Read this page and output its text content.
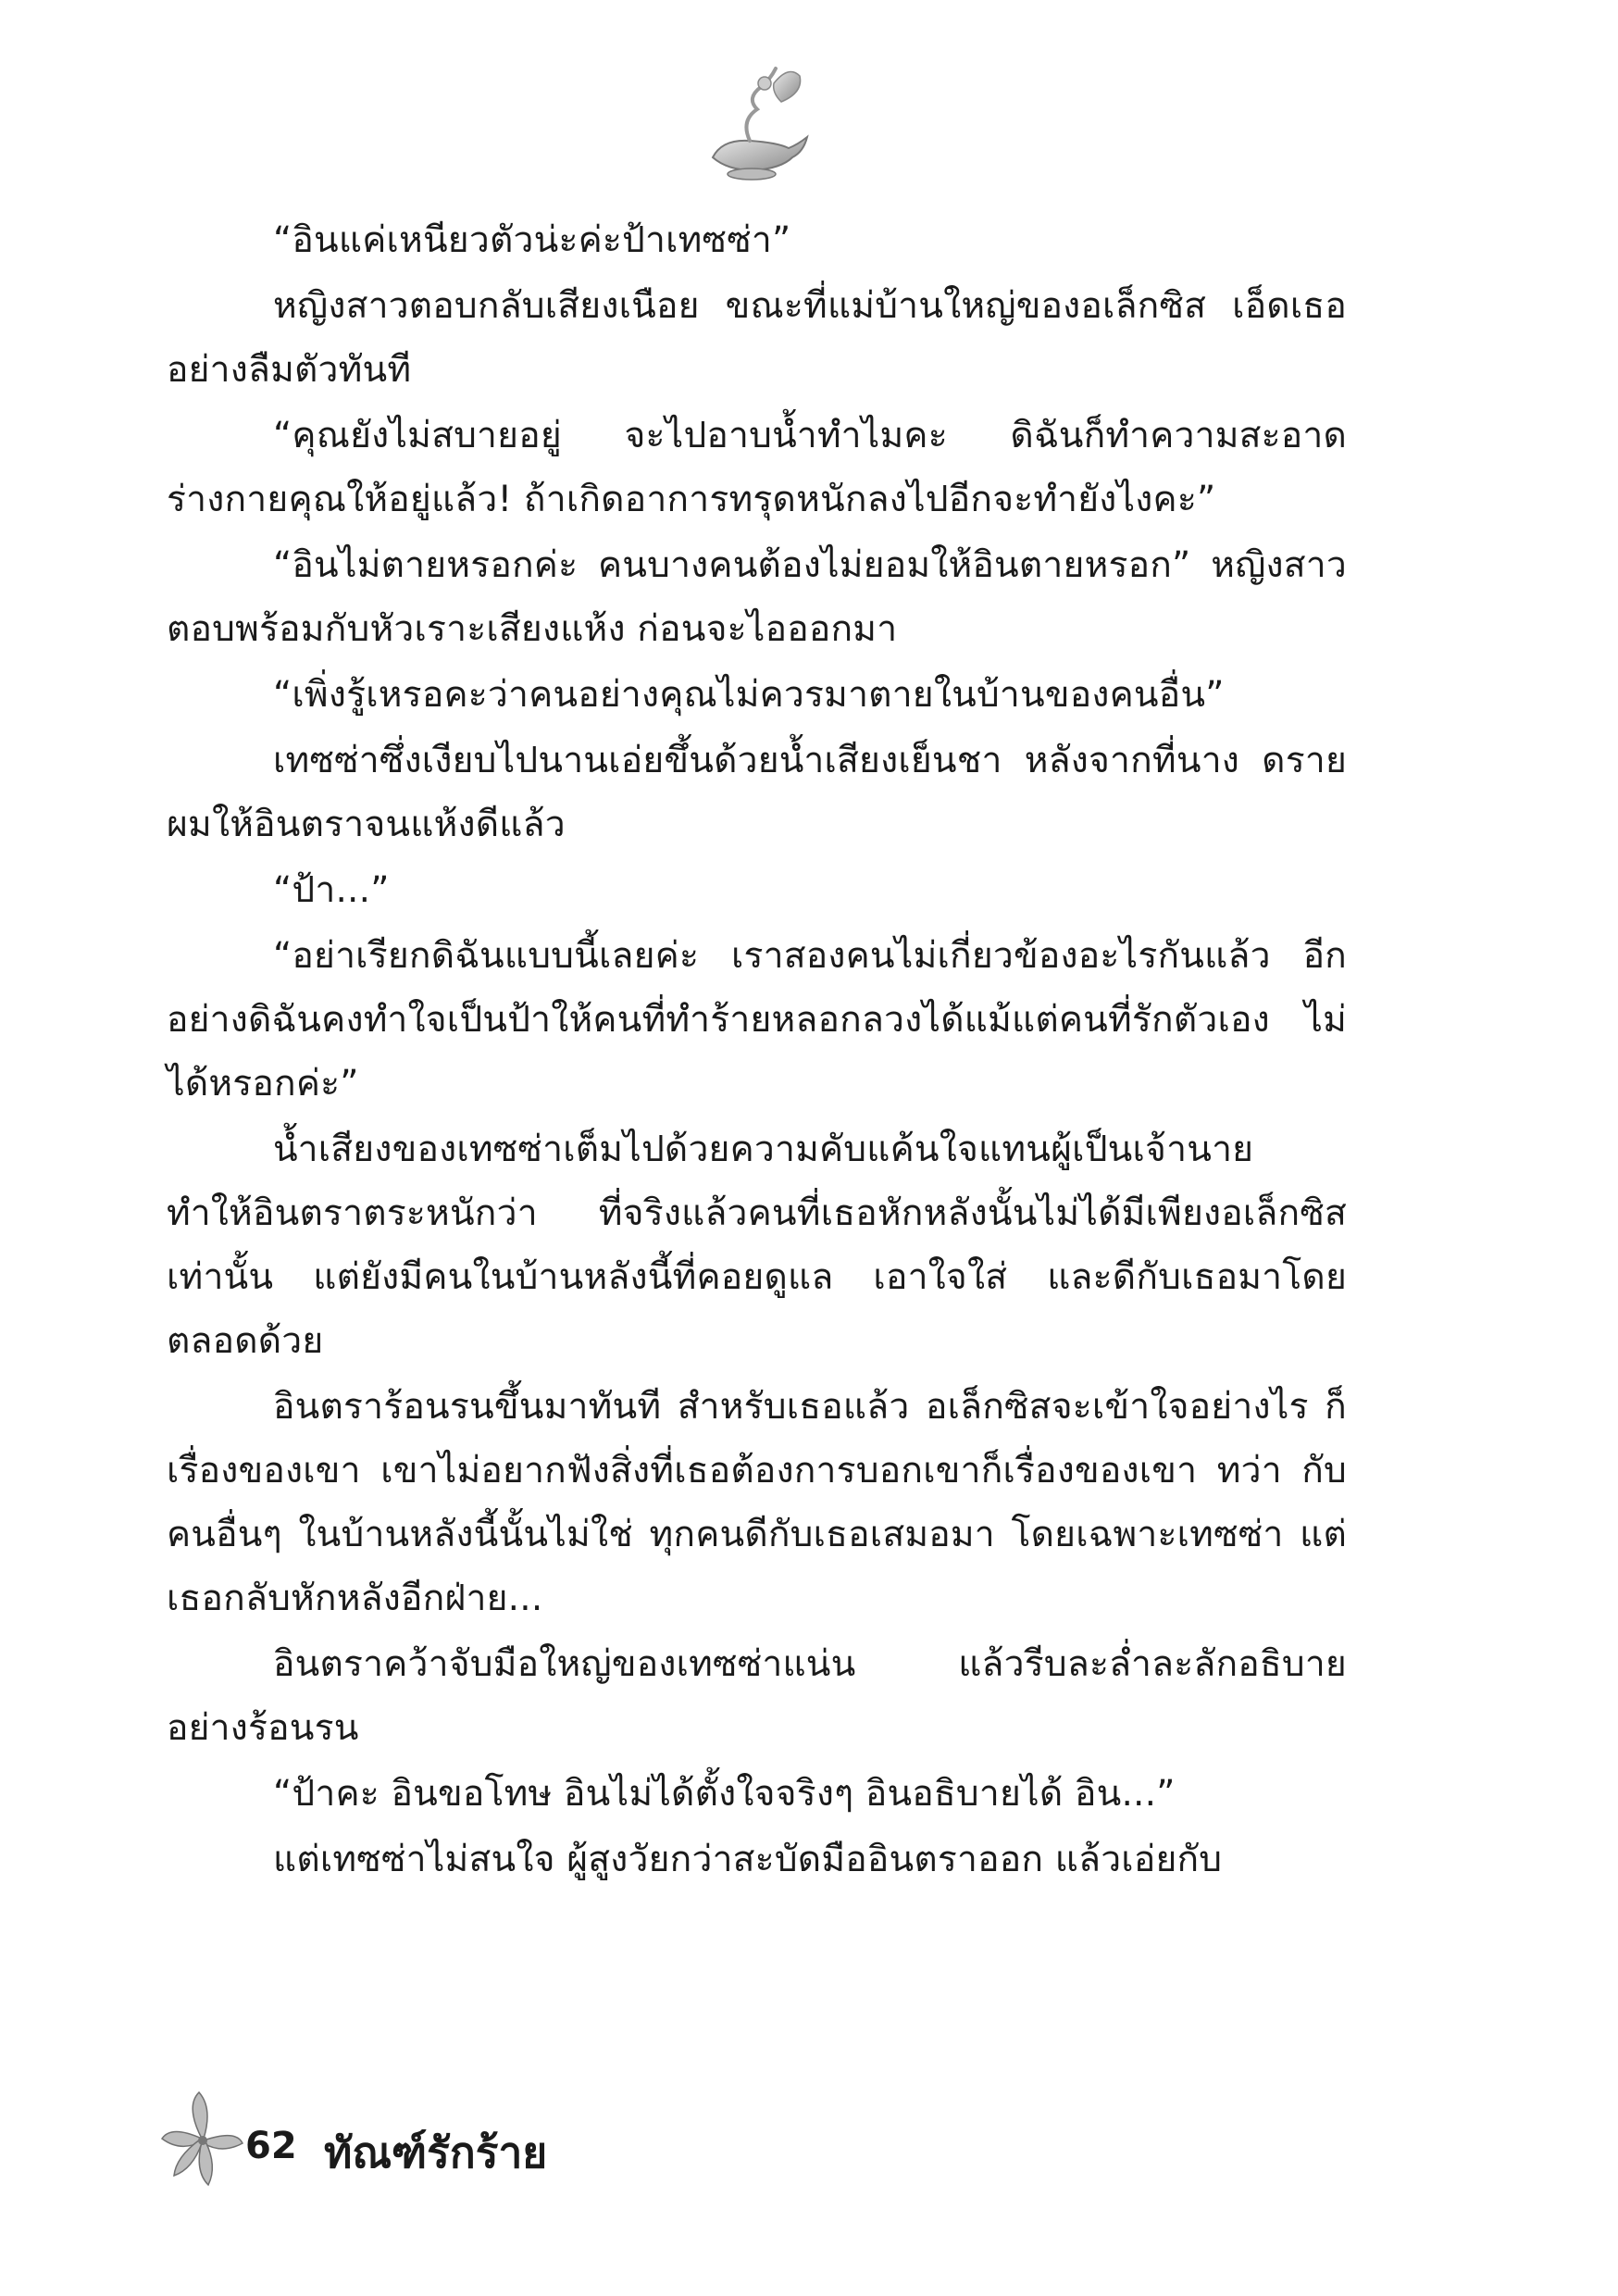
“อินแค่เหนียวตัวน่ะค่ะป้าเทซซ่า”

หญิงสาวตอบกลับเสียงเนือย ขณะที่แม่บ้านใหญ่ของอเล็กซิส เอ็ดเธออย่างลืมตัวทันที

“คุณยังไม่สบายอยู่ จะไปอาบน้ำทำไมคะ ดิฉันก็ทำความสะอาด ร่างกายคุณให้อยู่แล้ว! ถ้าเกิดอาการทรุดหนักลงไปอีกจะทำยังไงคะ”

“อินไม่ตายหรอกค่ะ คนบางคนต้องไม่ยอมให้อินตายหรอก” หญิงสาวตอบพร้อมกับหัวเราะเสียงแห้ง ก่อนจะไอออกมา

“เพิ่งรู้เหรอคะว่าคนอย่างคุณไม่ควรมาตายในบ้านของคนอื่น”

เทซซ่าซึ่งเงียบไปนานเอ่ยขึ้นด้วยน้ำเสียงเย็นชา หลังจากที่นาง ดรายผมให้อินตราจนแห้งดีแล้ว

“ป้า...”

“อย่าเรียกดิฉันแบบนี้เลยค่ะ เราสองคนไม่เกี่ยวข้องอะไรกันแล้ว อีกอย่างดิฉันคงทำใจเป็นป้าให้คนที่ทำร้ายหลอกลวงได้แม้แต่คนที่รักตัวเอง ไม่ได้หรอกค่ะ”

น้ำเสียงของเทซซ่าเต็มไปด้วยความคับแค้นใจแทนผู้เป็นเจ้านาย ทำให้อินตราตระหนักว่า ที่จริงแล้วคนที่เธอหักหลังนั้นไม่ได้มีเพียงอเล็กซิส เท่านั้น แต่ยังมีคนในบ้านหลังนี้ที่คอยดูแล เอาใจใส่ และดีกับเธอมาโดย ตลอดด้วย

อินตราร้อนรนขึ้นมาทันที สำหรับเธอแล้ว อเล็กซิสจะเข้าใจอย่างไร ก็เรื่องของเขา เขาไม่อยากฟังสิ่งที่เธอต้องการบอกเขาก็เรื่องของเขา ทว่า กับคนอื่นๆ ในบ้านหลังนี้นั้นไม่ใช่ ทุกคนดีกับเธอเสมอมา โดยเฉพาะเทซซ่า แต่เธอกลับหักหลังอีกฝ่าย...

อินตราคว้าจับมือใหญ่ของเทซซ่าแน่น แล้วรีบละล่ำละลักอธิบาย อย่างร้อนรน

“ป้าคะ อินขอโทษ อินไม่ได้ตั้งใจจริงๆ อินอธิบายได้ อิน...”

แต่เทซซ่าไม่สนใจ ผู้สูงวัยกว่าสะบัดมืออินตราออก แล้วเอ่ยกับ

62 ทัณฑ์รักร้าย
